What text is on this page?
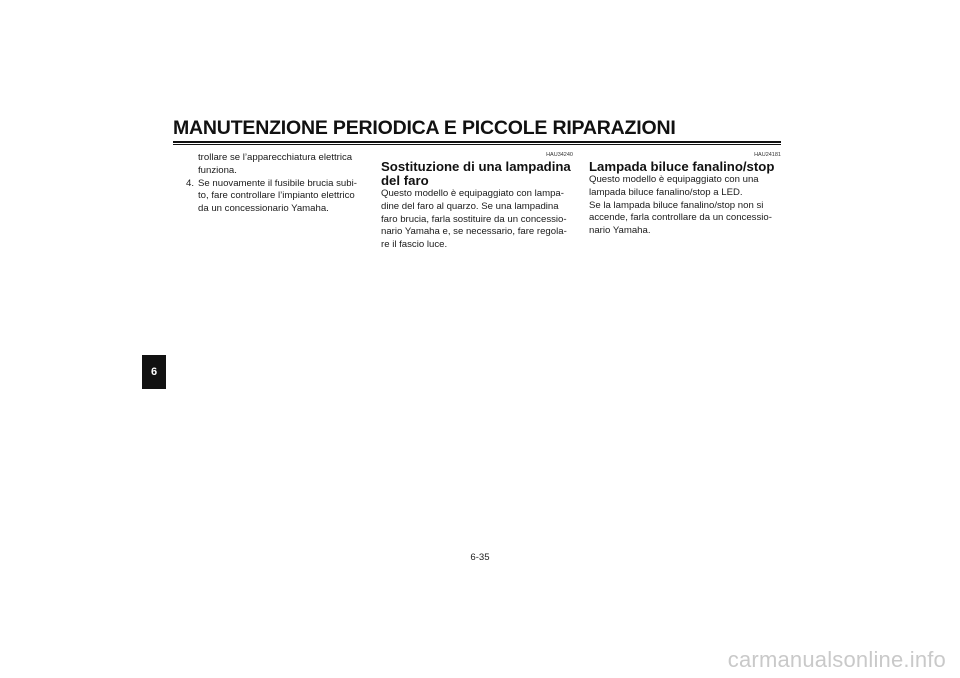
MANUTENZIONE PERIODICA E PICCOLE RIPARAZIONI
6

trollare se l’apparecchiatura elettrica

funziona.

4. Se nuovamente il fusibile brucia subi-

to, fare controllare l’impianto elettrico

da un concessionario Yamaha.

HAU34240

Sostituzione di una lampadina

del faro

Questo modello è equipaggiato con lampa-

dine del faro al quarzo. Se una lampadina

faro brucia, farla sostituire da un concessio-

nario Yamaha e, se necessario, fare regola-

re il fascio luce.

HAU24181

Lampada biluce fanalino/stop

Questo modello è equipaggiato con una

lampada biluce fanalino/stop a LED.

Se la lampada biluce fanalino/stop non si

accende, farla controllare da un concessio-

nario Yamaha.

6-35
carmanualsonline.info
